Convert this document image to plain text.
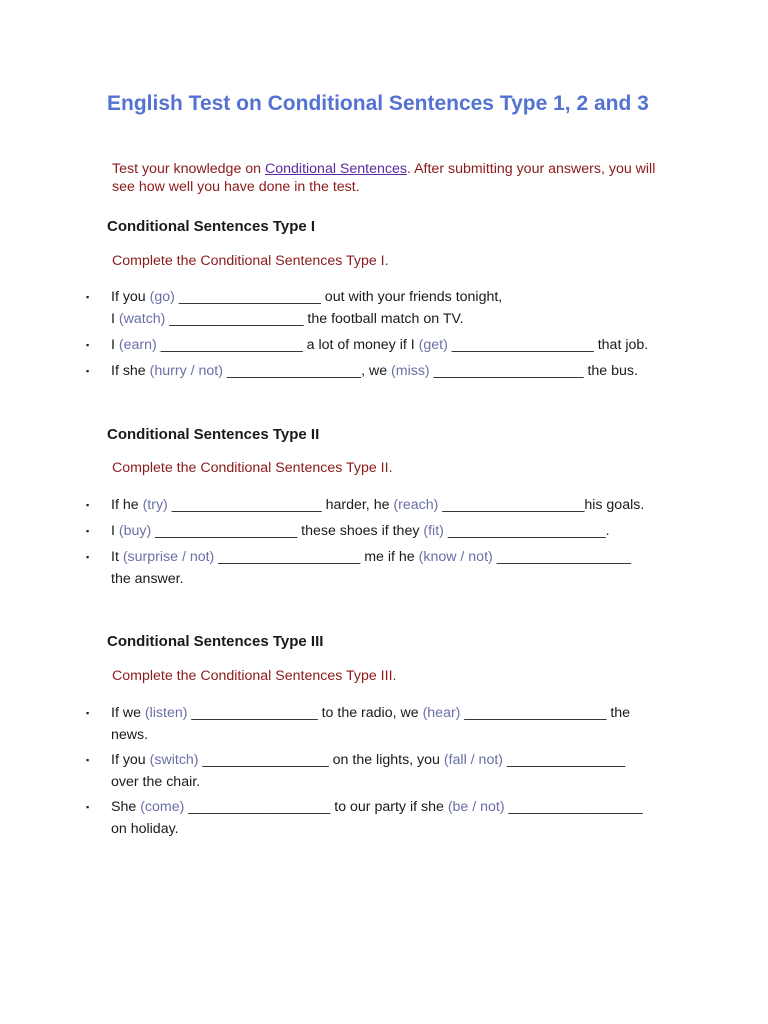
English Test on Conditional Sentences Type 1, 2 and 3

Test your knowledge on Conditional Sentences. After submitting your answers, you will see how well you have done in the test.

Conditional Sentences Type I

Complete the Conditional Sentences Type I.

▪ If you (go) __________________ out with your friends tonight,
I (watch) _________________ the football match on TV.
▪ I (earn) __________________ a lot of money if I (get) __________________ that job.
▪ If she (hurry / not) _________________, we (miss) ___________________ the bus.
Conditional Sentences Type II

Complete the Conditional Sentences Type II.

▪ If he (try) ___________________ harder, he (reach) __________________his goals.
▪ I (buy) __________________ these shoes if they (fit) ____________________.
▪ It (surprise / not) __________________ me if he (know / not) _________________
the answer.
Conditional Sentences Type III

Complete the Conditional Sentences Type III.

▪ If we (listen) ________________ to the radio, we (hear) __________________ the
news.
▪ If you (switch) ________________ on the lights, you (fall / not) _______________
over the chair.
▪ She (come) __________________ to our party if she (be / not) _________________
on holiday.
